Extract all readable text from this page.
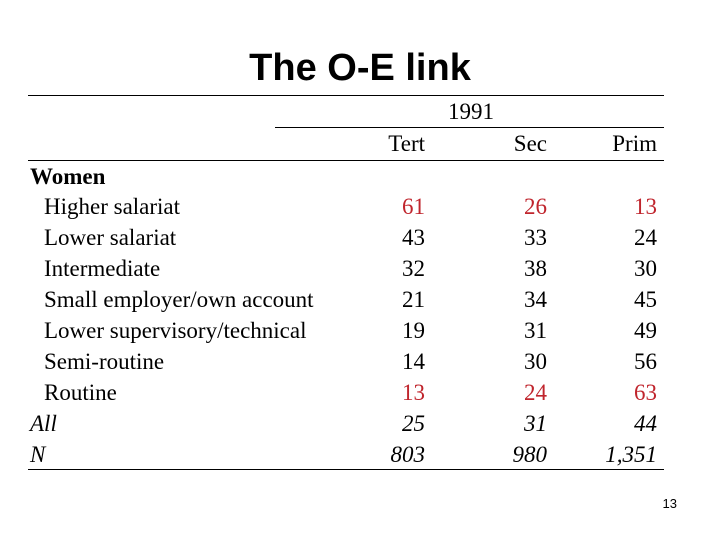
The O-E link
1991
Tert	Sec	Prim
Women
Higher salariat	61	26	13
Lower salariat	43	33	24
Intermediate	32	38	30
Small employer/own account	21	34	45
Lower supervisory/technical	19	31	49
Semi-routine	14	30	56
Routine	13	24	63
All	25	31	44
N	803	980	1,351
13
